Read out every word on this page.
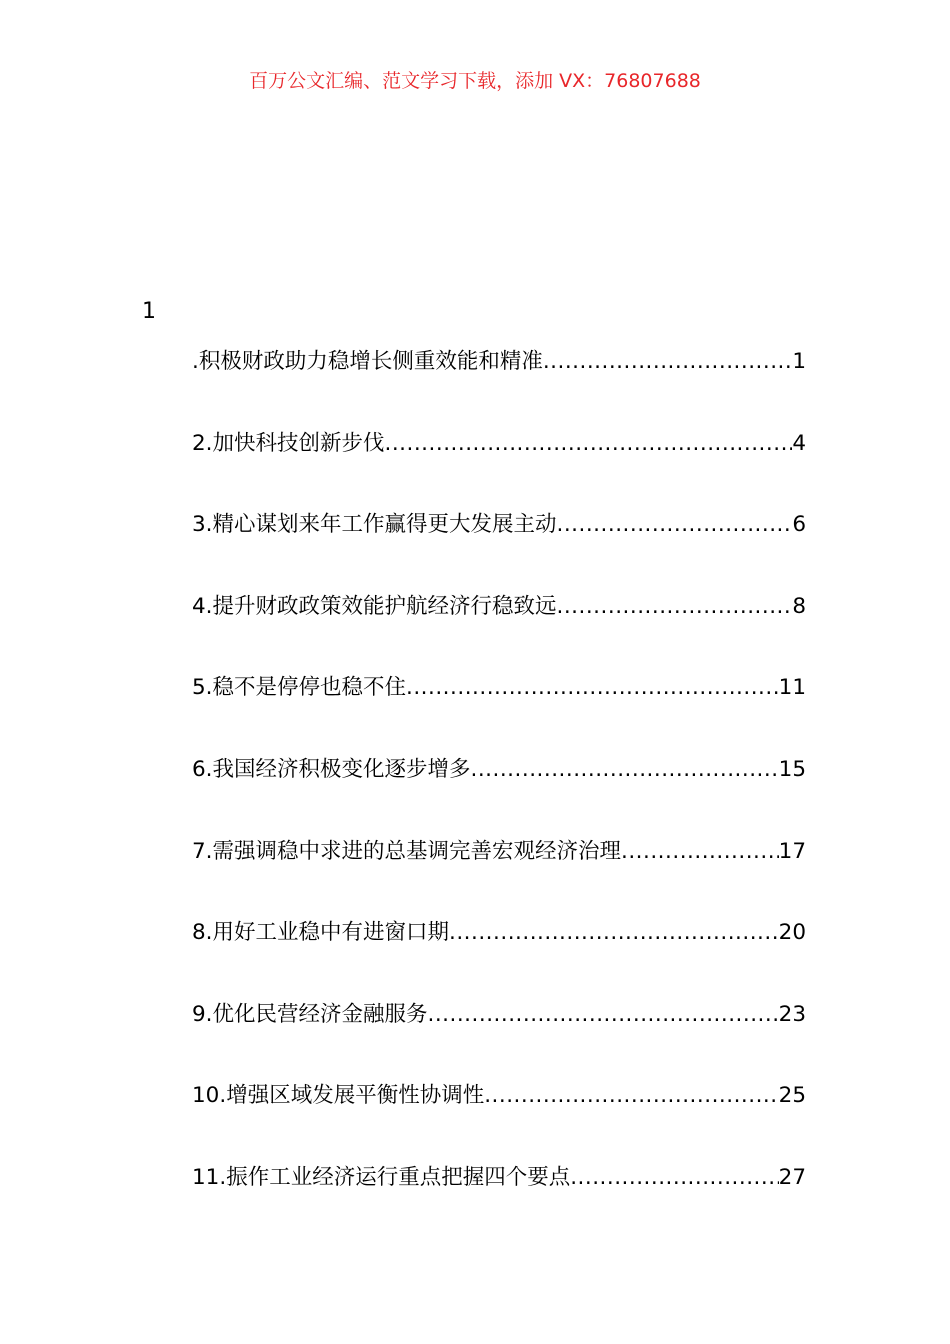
百万公文汇编、范文学习下载，添加 VX：76807688
1
.积极财政助力稳增长侧重效能和精准 .....	1
2.加快科技创新步伐 .....	4
3.精心谋划来年工作赢得更大发展主动 .....	6
4.提升财政政策效能护航经济行稳致远 .....	8
5.稳不是停停也稳不住 .....	11
6.我国经济积极变化逐步增多 .....	15
7.需强调稳中求进的总基调完善宏观经济治理 .....	17
8.用好工业稳中有进窗口期 .....	20
9.优化民营经济金融服务 .....	23
10.增强区域发展平衡性协调性 .....	25
11.振作工业经济运行重点把握四个要点 .....	27
